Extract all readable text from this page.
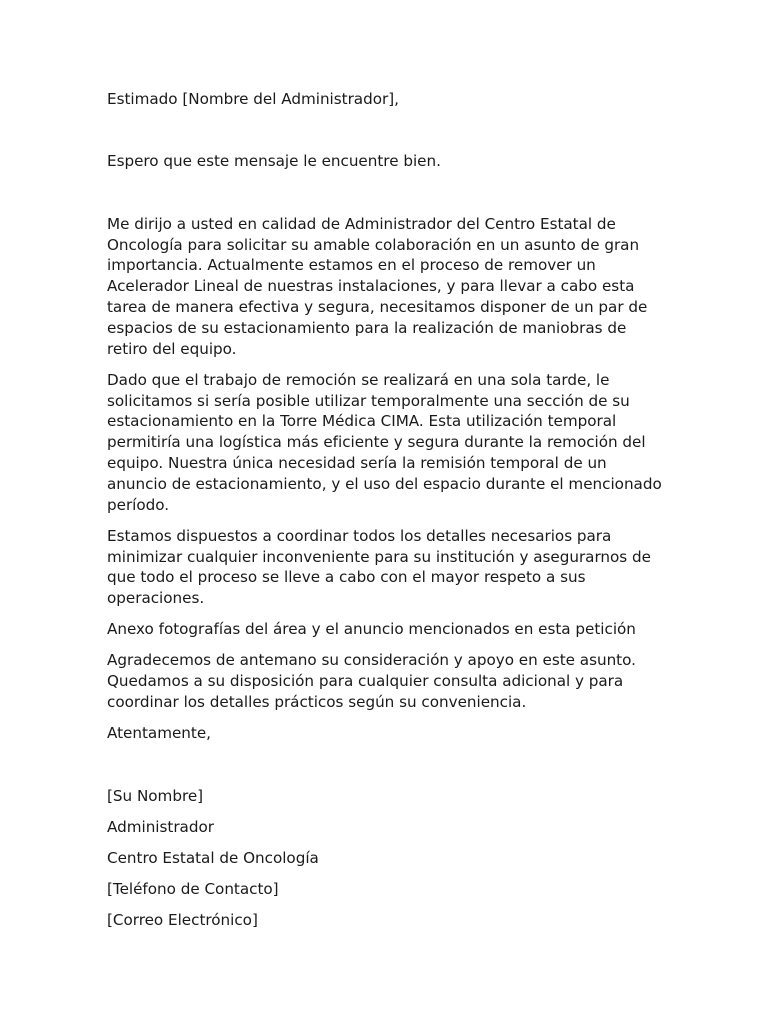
Estimado [Nombre del Administrador],

Espero que este mensaje le encuentre bien.

Me dirijo a usted en calidad de Administrador del Centro Estatal de Oncología para solicitar su amable colaboración en un asunto de gran importancia. Actualmente estamos en el proceso de remover un Acelerador Lineal de nuestras instalaciones, y para llevar a cabo esta tarea de manera efectiva y segura, necesitamos disponer de un par de espacios de su estacionamiento para la realización de maniobras de retiro del equipo.

Dado que el trabajo de remoción se realizará en una sola tarde, le solicitamos si sería posible utilizar temporalmente una sección de su estacionamiento en la Torre Médica CIMA. Esta utilización temporal permitiría una logística más eficiente y segura durante la remoción del equipo. Nuestra única necesidad sería la remisión temporal de un anuncio de estacionamiento, y el uso del espacio durante el mencionado período.

Estamos dispuestos a coordinar todos los detalles necesarios para minimizar cualquier inconveniente para su institución y asegurarnos de que todo el proceso se lleve a cabo con el mayor respeto a sus operaciones.

Anexo fotografías del área y el anuncio mencionados en esta petición

Agradecemos de antemano su consideración y apoyo en este asunto. Quedamos a su disposición para cualquier consulta adicional y para coordinar los detalles prácticos según su conveniencia.

Atentamente,

[Su Nombre]

Administrador

Centro Estatal de Oncología

[Teléfono de Contacto]

[Correo Electrónico]
